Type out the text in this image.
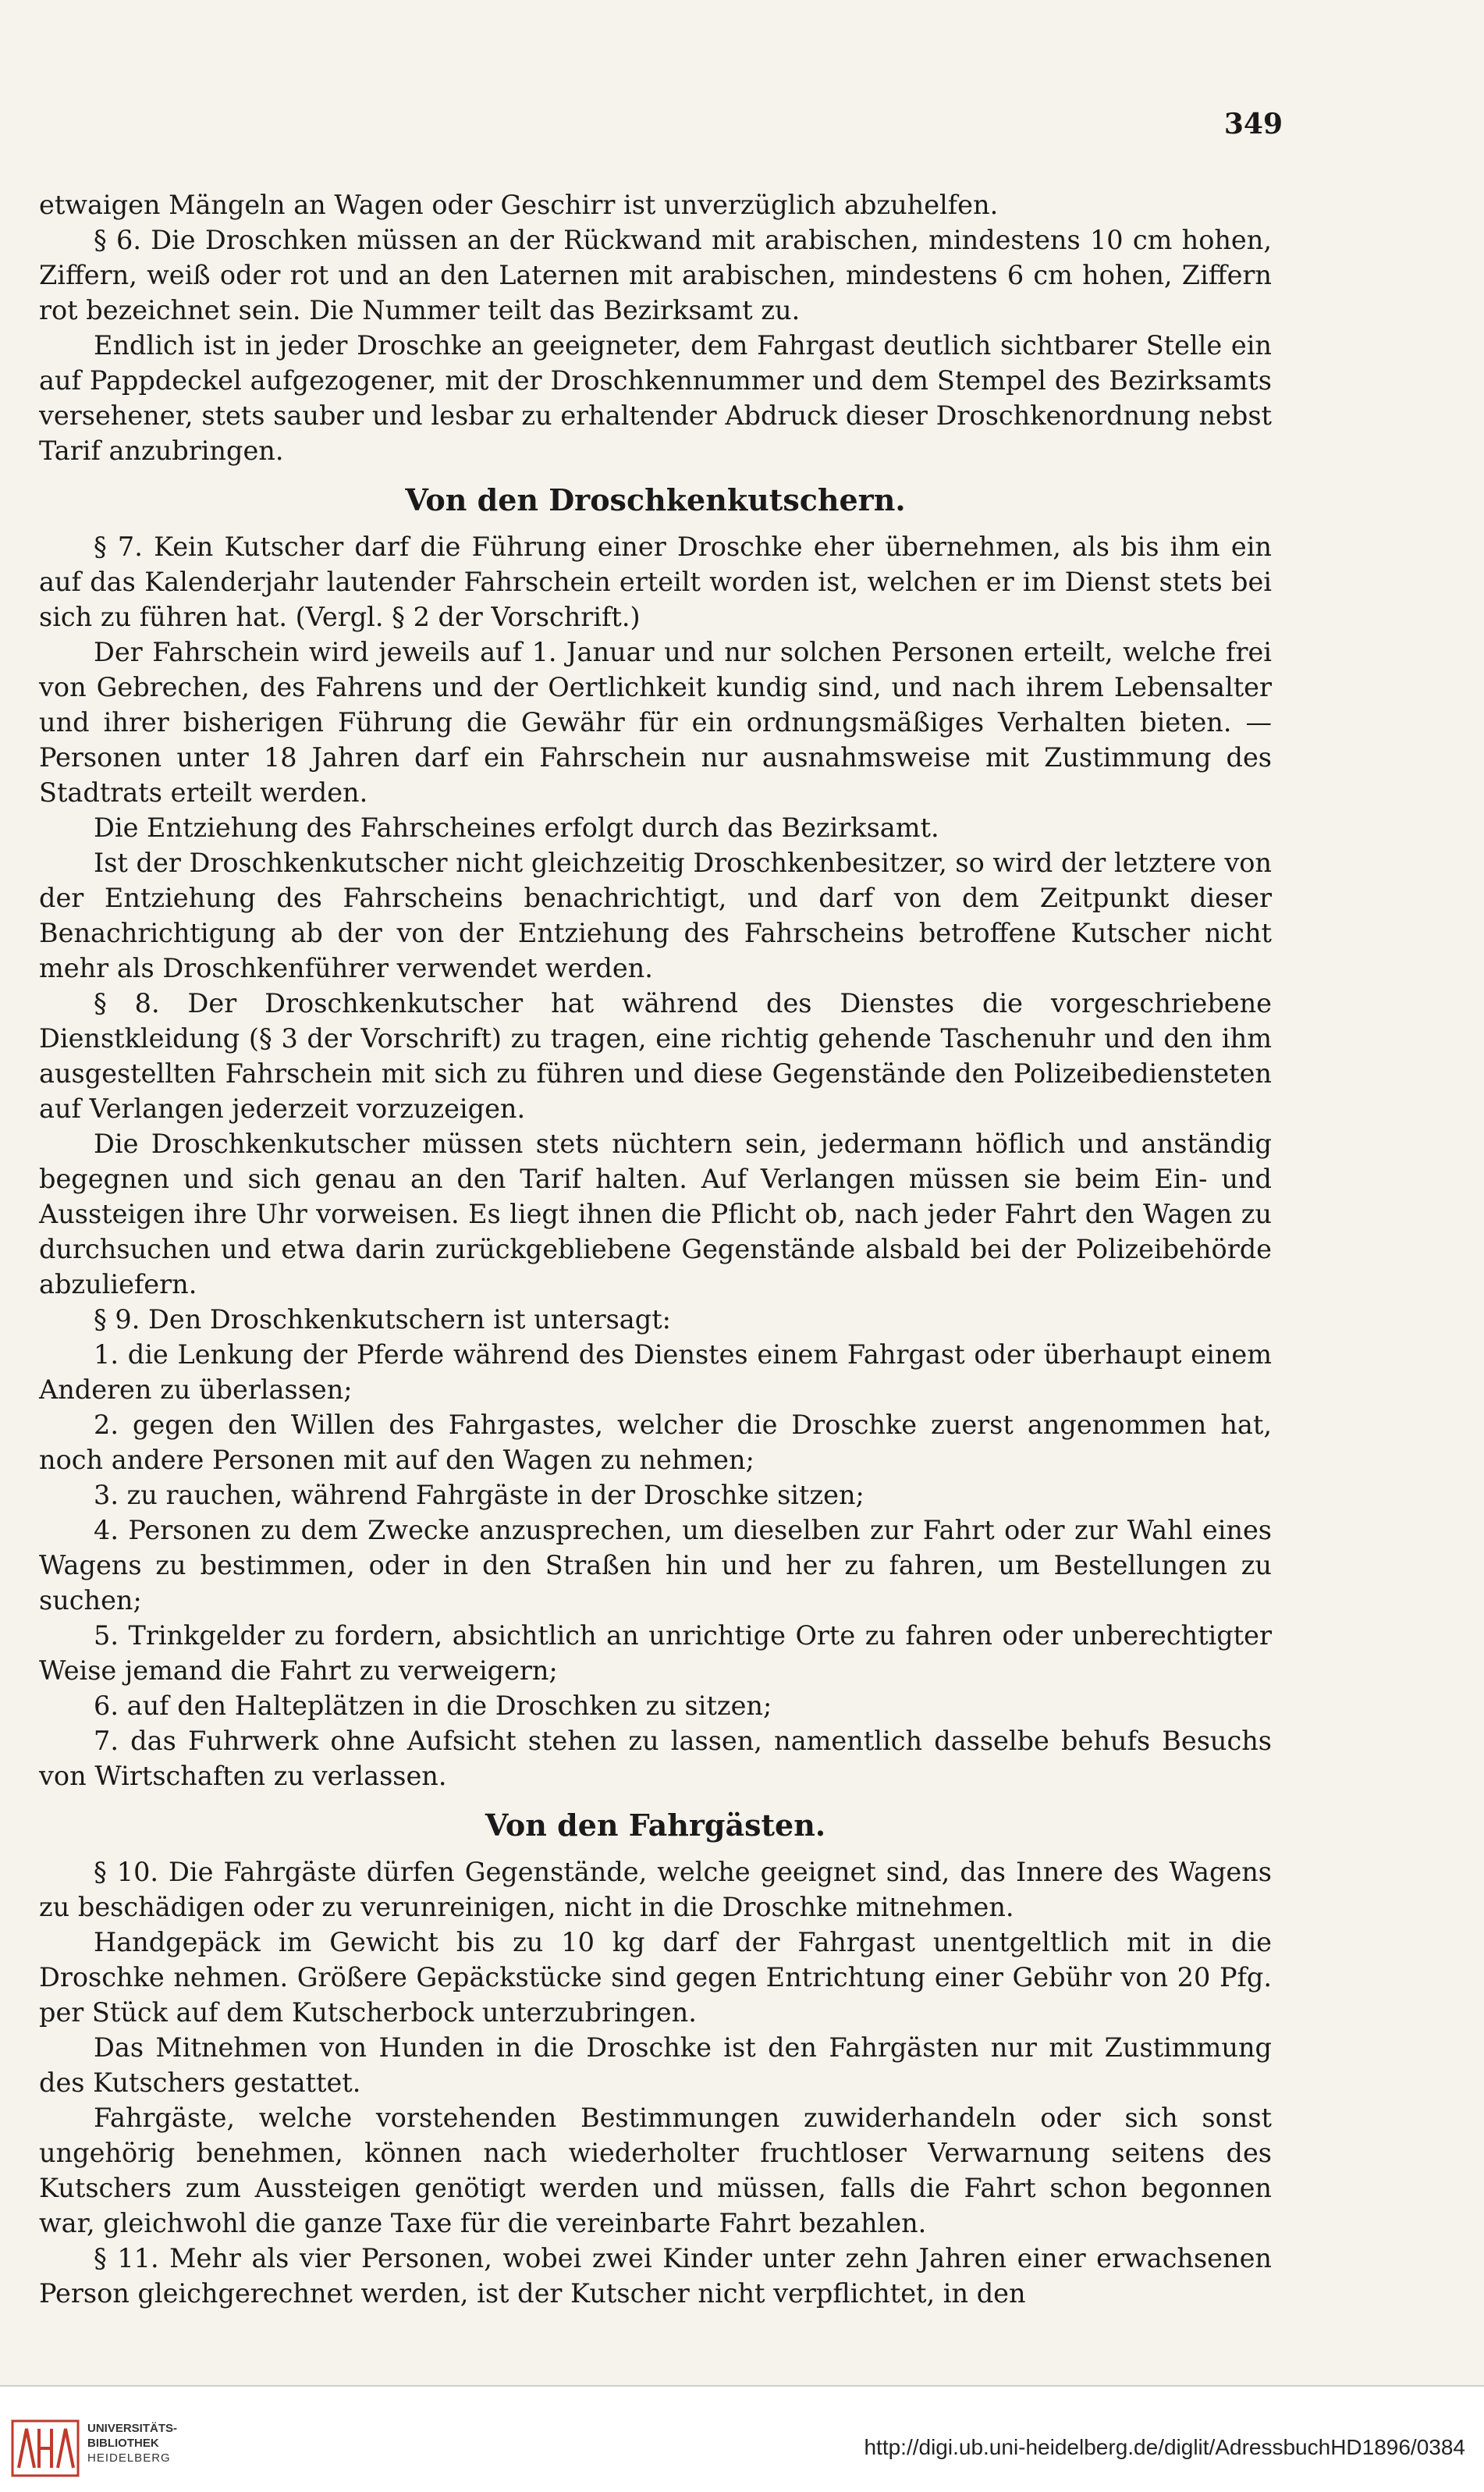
349

etwaigen Mängeln an Wagen oder Geschirr ist unverzüglich abzuhelfen.

§ 6. Die Droschken müssen an der Rückwand mit arabischen, mindestens 10 cm hohen, Ziffern, weiß oder rot und an den Laternen mit arabischen, mindestens 6 cm hohen, Ziffern rot bezeichnet sein. Die Nummer teilt das Bezirksamt zu.

Endlich ist in jeder Droschke an geeigneter, dem Fahrgast deutlich sichtbarer Stelle ein auf Pappdeckel aufgezogener, mit der Droschkennummer und dem Stempel des Bezirksamts versehener, stets sauber und lesbar zu erhaltender Abdruck dieser Droschkenordnung nebst Tarif anzubringen.

Von den Droschkenkutschern.

§ 7. Kein Kutscher darf die Führung einer Droschke eher übernehmen, als bis ihm ein auf das Kalenderjahr lautender Fahrschein erteilt worden ist, welchen er im Dienst stets bei sich zu führen hat. (Vergl. § 2 der Vorschrift.)

Der Fahrschein wird jeweils auf 1. Januar und nur solchen Personen erteilt, welche frei von Gebrechen, des Fahrens und der Oertlichkeit kundig sind, und nach ihrem Lebensalter und ihrer bisherigen Führung die Gewähr für ein ordnungsmäßiges Verhalten bieten. — Personen unter 18 Jahren darf ein Fahrschein nur ausnahmsweise mit Zustimmung des Stadtrats erteilt werden.

Die Entziehung des Fahrscheines erfolgt durch das Bezirksamt.

Ist der Droschkenkutscher nicht gleichzeitig Droschkenbesitzer, so wird der letztere von der Entziehung des Fahrscheins benachrichtigt, und darf von dem Zeitpunkt dieser Benachrichtigung ab der von der Entziehung des Fahrscheins betroffene Kutscher nicht mehr als Droschkenführer verwendet werden.

§ 8. Der Droschkenkutscher hat während des Dienstes die vorgeschriebene Dienstkleidung (§ 3 der Vorschrift) zu tragen, eine richtig gehende Taschenuhr und den ihm ausgestellten Fahrschein mit sich zu führen und diese Gegenstände den Polizeibediensteten auf Verlangen jederzeit vorzuzeigen.

Die Droschkenkutscher müssen stets nüchtern sein, jedermann höflich und anständig begegnen und sich genau an den Tarif halten. Auf Verlangen müssen sie beim Ein- und Aussteigen ihre Uhr vorweisen. Es liegt ihnen die Pflicht ob, nach jeder Fahrt den Wagen zu durchsuchen und etwa darin zurückgebliebene Gegenstände alsbald bei der Polizeibehörde abzuliefern.

§ 9. Den Droschkenkutschern ist untersagt:

1. die Lenkung der Pferde während des Dienstes einem Fahrgast oder überhaupt einem Anderen zu überlassen;

2. gegen den Willen des Fahrgastes, welcher die Droschke zuerst angenommen hat, noch andere Personen mit auf den Wagen zu nehmen;

3. zu rauchen, während Fahrgäste in der Droschke sitzen;

4. Personen zu dem Zwecke anzusprechen, um dieselben zur Fahrt oder zur Wahl eines Wagens zu bestimmen, oder in den Straßen hin und her zu fahren, um Bestellungen zu suchen;

5. Trinkgelder zu fordern, absichtlich an unrichtige Orte zu fahren oder unberechtigter Weise jemand die Fahrt zu verweigern;

6. auf den Halteplätzen in die Droschken zu sitzen;

7. das Fuhrwerk ohne Aufsicht stehen zu lassen, namentlich dasselbe behufs Besuchs von Wirtschaften zu verlassen.

Von den Fahrgästen.

§ 10. Die Fahrgäste dürfen Gegenstände, welche geeignet sind, das Innere des Wagens zu beschädigen oder zu verunreinigen, nicht in die Droschke mitnehmen.

Handgepäck im Gewicht bis zu 10 kg darf der Fahrgast unentgeltlich mit in die Droschke nehmen. Größere Gepäckstücke sind gegen Entrichtung einer Gebühr von 20 Pfg. per Stück auf dem Kutscherbock unterzubringen.

Das Mitnehmen von Hunden in die Droschke ist den Fahrgästen nur mit Zustimmung des Kutschers gestattet.

Fahrgäste, welche vorstehenden Bestimmungen zuwiderhandeln oder sich sonst ungehörig benehmen, können nach wiederholter fruchtloser Verwarnung seitens des Kutschers zum Aussteigen genötigt werden und müssen, falls die Fahrt schon begonnen war, gleichwohl die ganze Taxe für die vereinbarte Fahrt bezahlen.

§ 11. Mehr als vier Personen, wobei zwei Kinder unter zehn Jahren einer erwachsenen Person gleichgerechnet werden, ist der Kutscher nicht verpflichtet, in den

UNIVERSITÄTS-
BIBLIOTHEK
HEIDELBERG	http://digi.ub.uni-heidelberg.de/diglit/AdressbuchHD1896/0384
